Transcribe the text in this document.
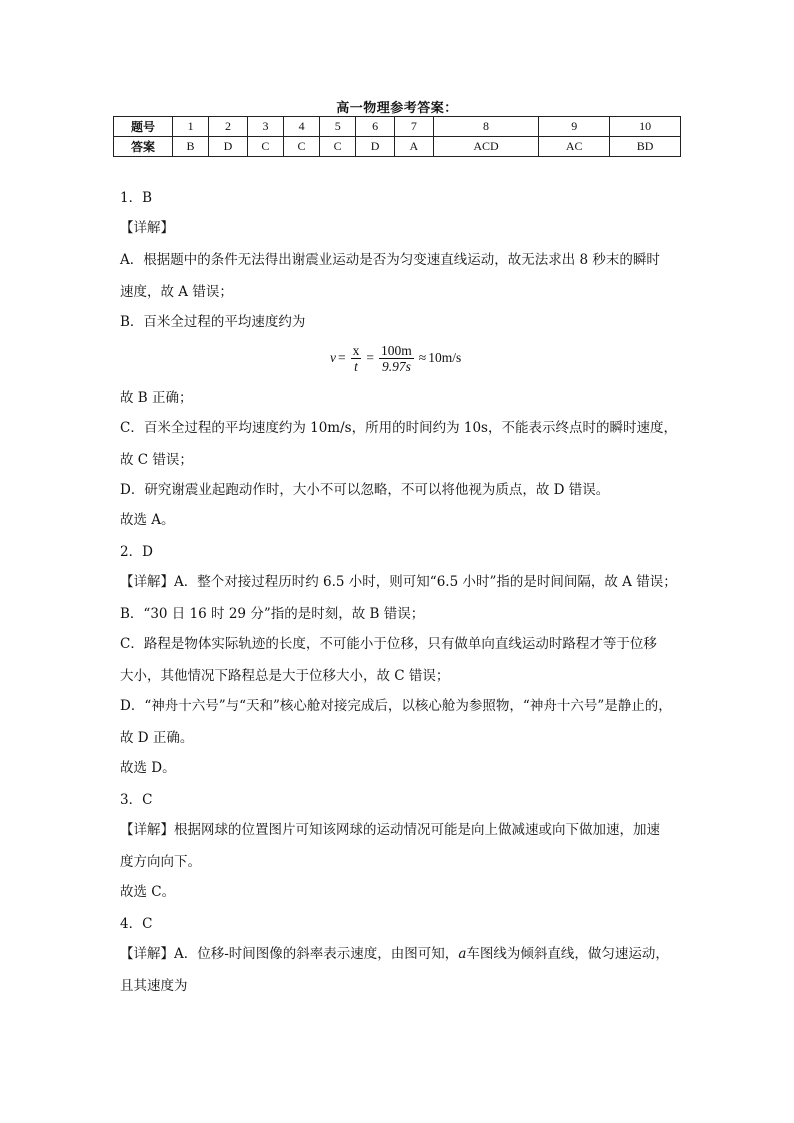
高一物理参考答案：
题号	1	2	3	4	5	6	7	8	9	10
答案	B	D	C	C	C	D	A	ACD	AC	BD
1．B
【详解】
A．根据题中的条件无法得出谢震业运动是否为匀变速直线运动，故无法求出 8 秒末的瞬时
速度，故 A 错误；
B．百米全过程的平均速度约为
$v = \frac{x}{t} = \frac{100m}{9.97s} \approx 10m/s$
故 B 正确；
C．百米全过程的平均速度约为 10m/s，所用的时间约为 10s，不能表示终点时的瞬时速度，
故 C 错误；
D．研究谢震业起跑动作时，大小不可以忽略，不可以将他视为质点，故 D 错误。
故选 A。
2．D
【详解】A．整个对接过程历时约 6.5 小时，则可知“6.5 小时”指的是时间间隔，故 A 错误；
B．“30 日 16 时 29 分”指的是时刻，故 B 错误；
C．路程是物体实际轨迹的长度，不可能小于位移，只有做单向直线运动时路程才等于位移
大小，其他情况下路程总是大于位移大小，故 C 错误；
D．“神舟十六号”与“天和”核心舱对接完成后，以核心舱为参照物，“神舟十六号”是静止的，
故 D 正确。
故选 D。
3．C
【详解】根据网球的位置图片可知该网球的运动情况可能是向上做减速或向下做加速，加速
度方向向下。
故选 C。
4．C
【详解】A．位移-时间图像的斜率表示速度，由图可知，a车图线为倾斜直线，做匀速运动，
且其速度为
